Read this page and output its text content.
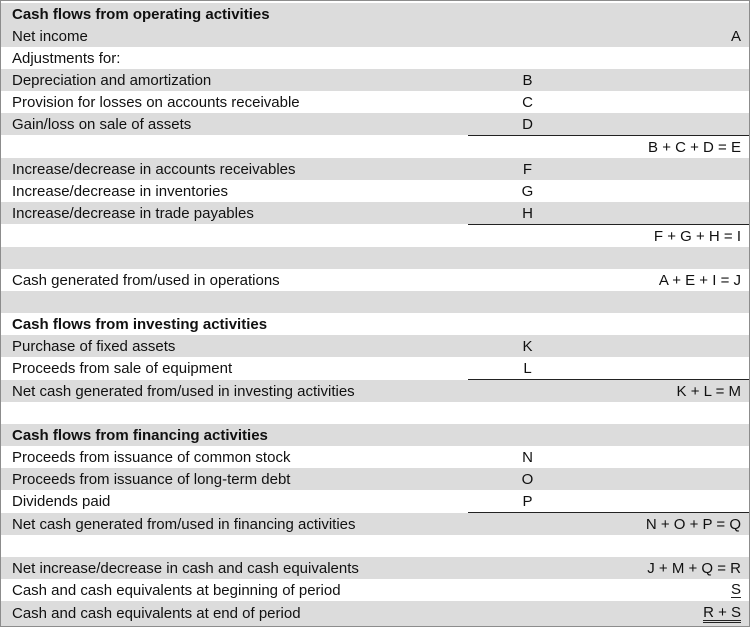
Cash flows from operating activities
Net income	A
Adjustments for:
Depreciation and amortization	B
Provision for losses on accounts receivable	C
Gain/loss on sale of assets	D
B + C + D = E
Increase/decrease in accounts receivables	F
Increase/decrease in inventories	G
Increase/decrease in trade payables	H
F + G + H = I
Cash generated from/used in operations	A + E + I = J
Cash flows from investing activities
Purchase of fixed assets	K
Proceeds from sale of equipment	L
Net cash generated from/used in investing activities	K + L = M
Cash flows from financing activities
Proceeds from issuance of common stock	N
Proceeds from issuance of long-term debt	O
Dividends paid	P
Net cash generated from/used in financing activities	N + O + P = Q
Net increase/decrease in cash and cash equivalents	J + M + Q = R
Cash and cash equivalents at beginning of period	S
Cash and cash equivalents at end of period	R + S
